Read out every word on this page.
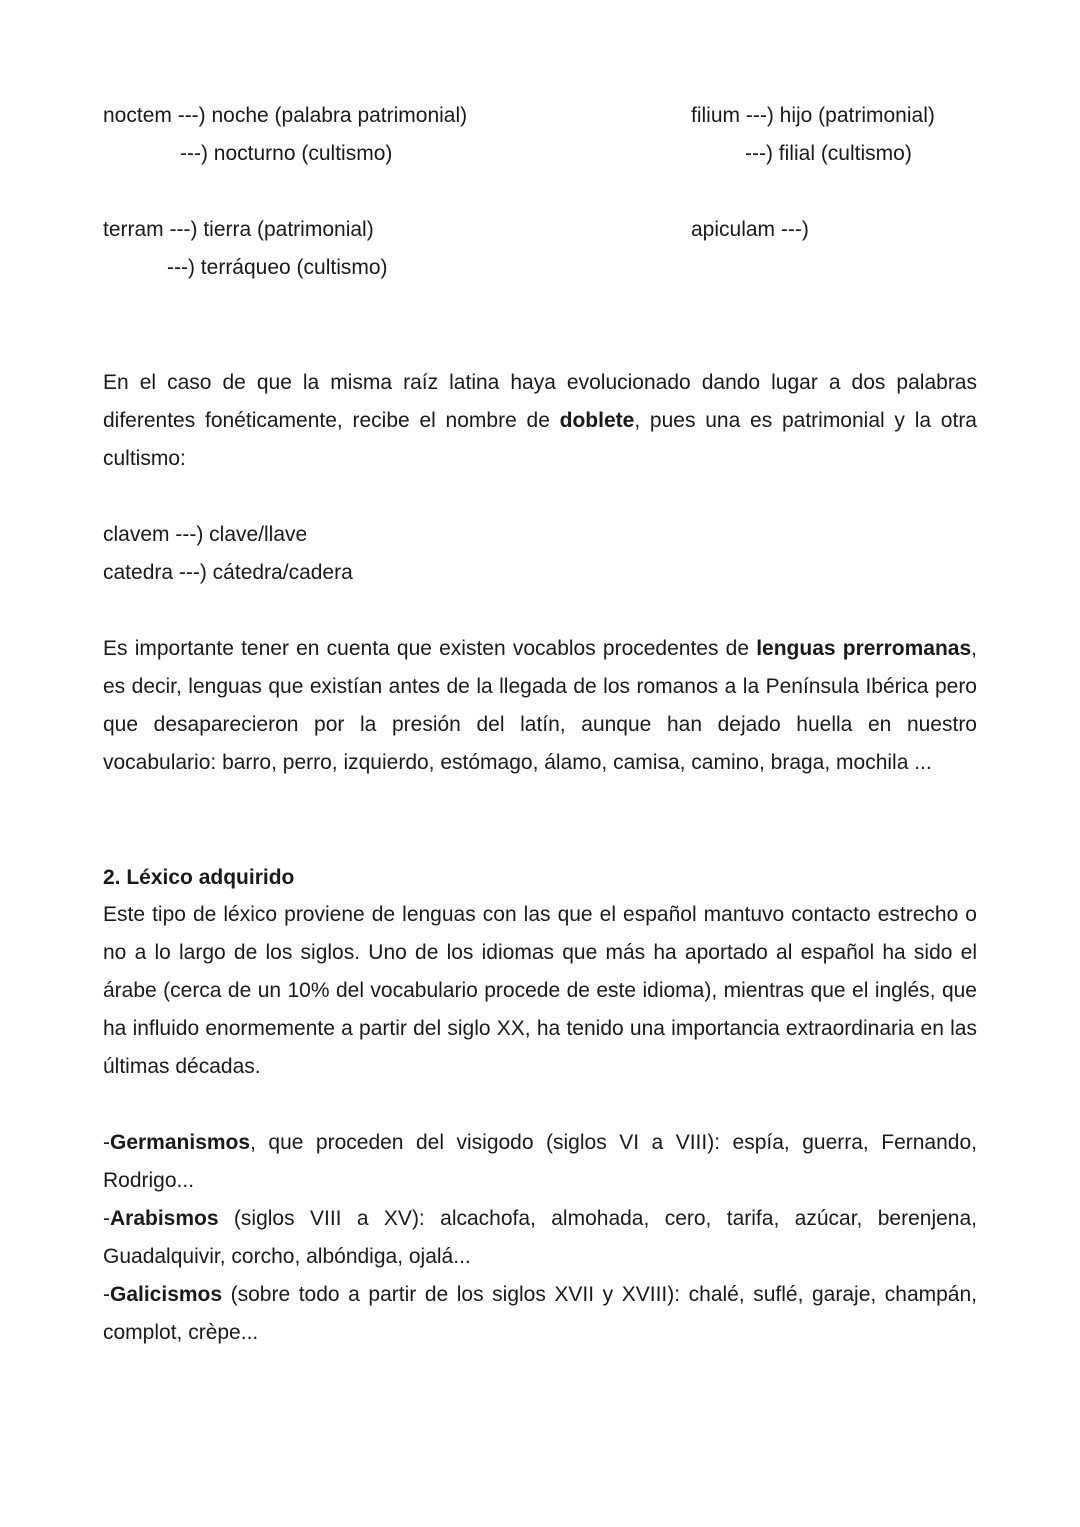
noctem ---) noche (palabra patrimonial)
---) nocturno (cultismo)
filium ---) hijo (patrimonial)
---) filial (cultismo)
terram ---) tierra (patrimonial)
---) terráqueo (cultismo)
apiculam ---)

En el caso de que la misma raíz latina haya evolucionado dando lugar a dos palabras diferentes fonéticamente, recibe el nombre de doblete, pues una es patrimonial y la otra cultismo:

clavem ---) clave/llave
catedra ---) cátedra/cadera

Es importante tener en cuenta que existen vocablos procedentes de lenguas prerromanas, es decir, lenguas que existían antes de la llegada de los romanos a la Península Ibérica pero que desaparecieron por la presión del latín, aunque han dejado huella en nuestro vocabulario: barro, perro, izquierdo, estómago, álamo, camisa, camino, braga, mochila ...

2. Léxico adquirido

Este tipo de léxico proviene de lenguas con las que el español mantuvo contacto estrecho o no a lo largo de los siglos. Uno de los idiomas que más ha aportado al español ha sido el árabe (cerca de un 10% del vocabulario procede de este idioma), mientras que el inglés, que ha influido enormemente a partir del siglo XX, ha tenido una importancia extraordinaria en las últimas décadas.

-Germanismos, que proceden del visigodo (siglos VI a VIII): espía, guerra, Fernando, Rodrigo...

-Arabismos (siglos VIII a XV): alcachofa, almohada, cero, tarifa, azúcar, berenjena, Guadalquivir, corcho, albóndiga, ojalá...

-Galicismos (sobre todo a partir de los siglos XVII y XVIII): chalé, suflé, garaje, champán, complot, crèpe...
